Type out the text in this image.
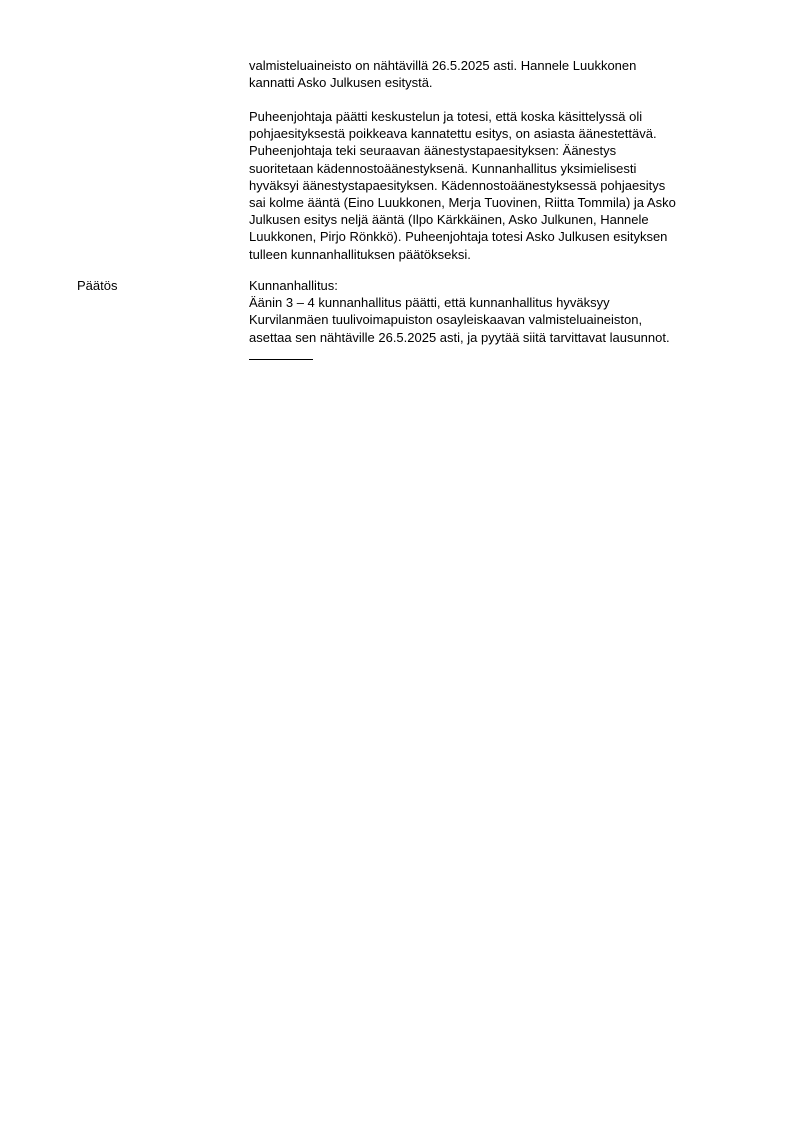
valmisteluaineisto on nähtävillä 26.5.2025 asti. Hannele Luukkonen
kannatti Asko Julkusen esitystä.
Puheenjohtaja päätti keskustelun ja totesi, että koska käsittelyssä oli
pohjaesityksestä poikkeava kannatettu esitys, on asiasta äänestettävä.
Puheenjohtaja teki seuraavan äänestystapaesityksen: Äänestys
suoritetaan kädennostoäänestyksenä. Kunnanhallitus yksimielisesti
hyväksyi äänestystapaesityksen. Kädennostoäänestyksessä pohjaesitys
sai kolme ääntä (Eino Luukkonen, Merja Tuovinen, Riitta Tommila) ja Asko
Julkusen esitys neljä ääntä (Ilpo Kärkkäinen, Asko Julkunen, Hannele
Luukkonen, Pirjo Rönkkö). Puheenjohtaja totesi Asko Julkusen esityksen
tulleen kunnanhallituksen päätökseksi.
Päätös	Kunnanhallitus:
Äänin 3 – 4 kunnanhallitus päätti, että kunnanhallitus hyväksyy
Kurvilanmäen tuulivoimapuiston osayleiskaavan valmisteluaineiston,
asettaa sen nähtäville 26.5.2025 asti, ja pyytää siitä tarvittavat lausunnot.
